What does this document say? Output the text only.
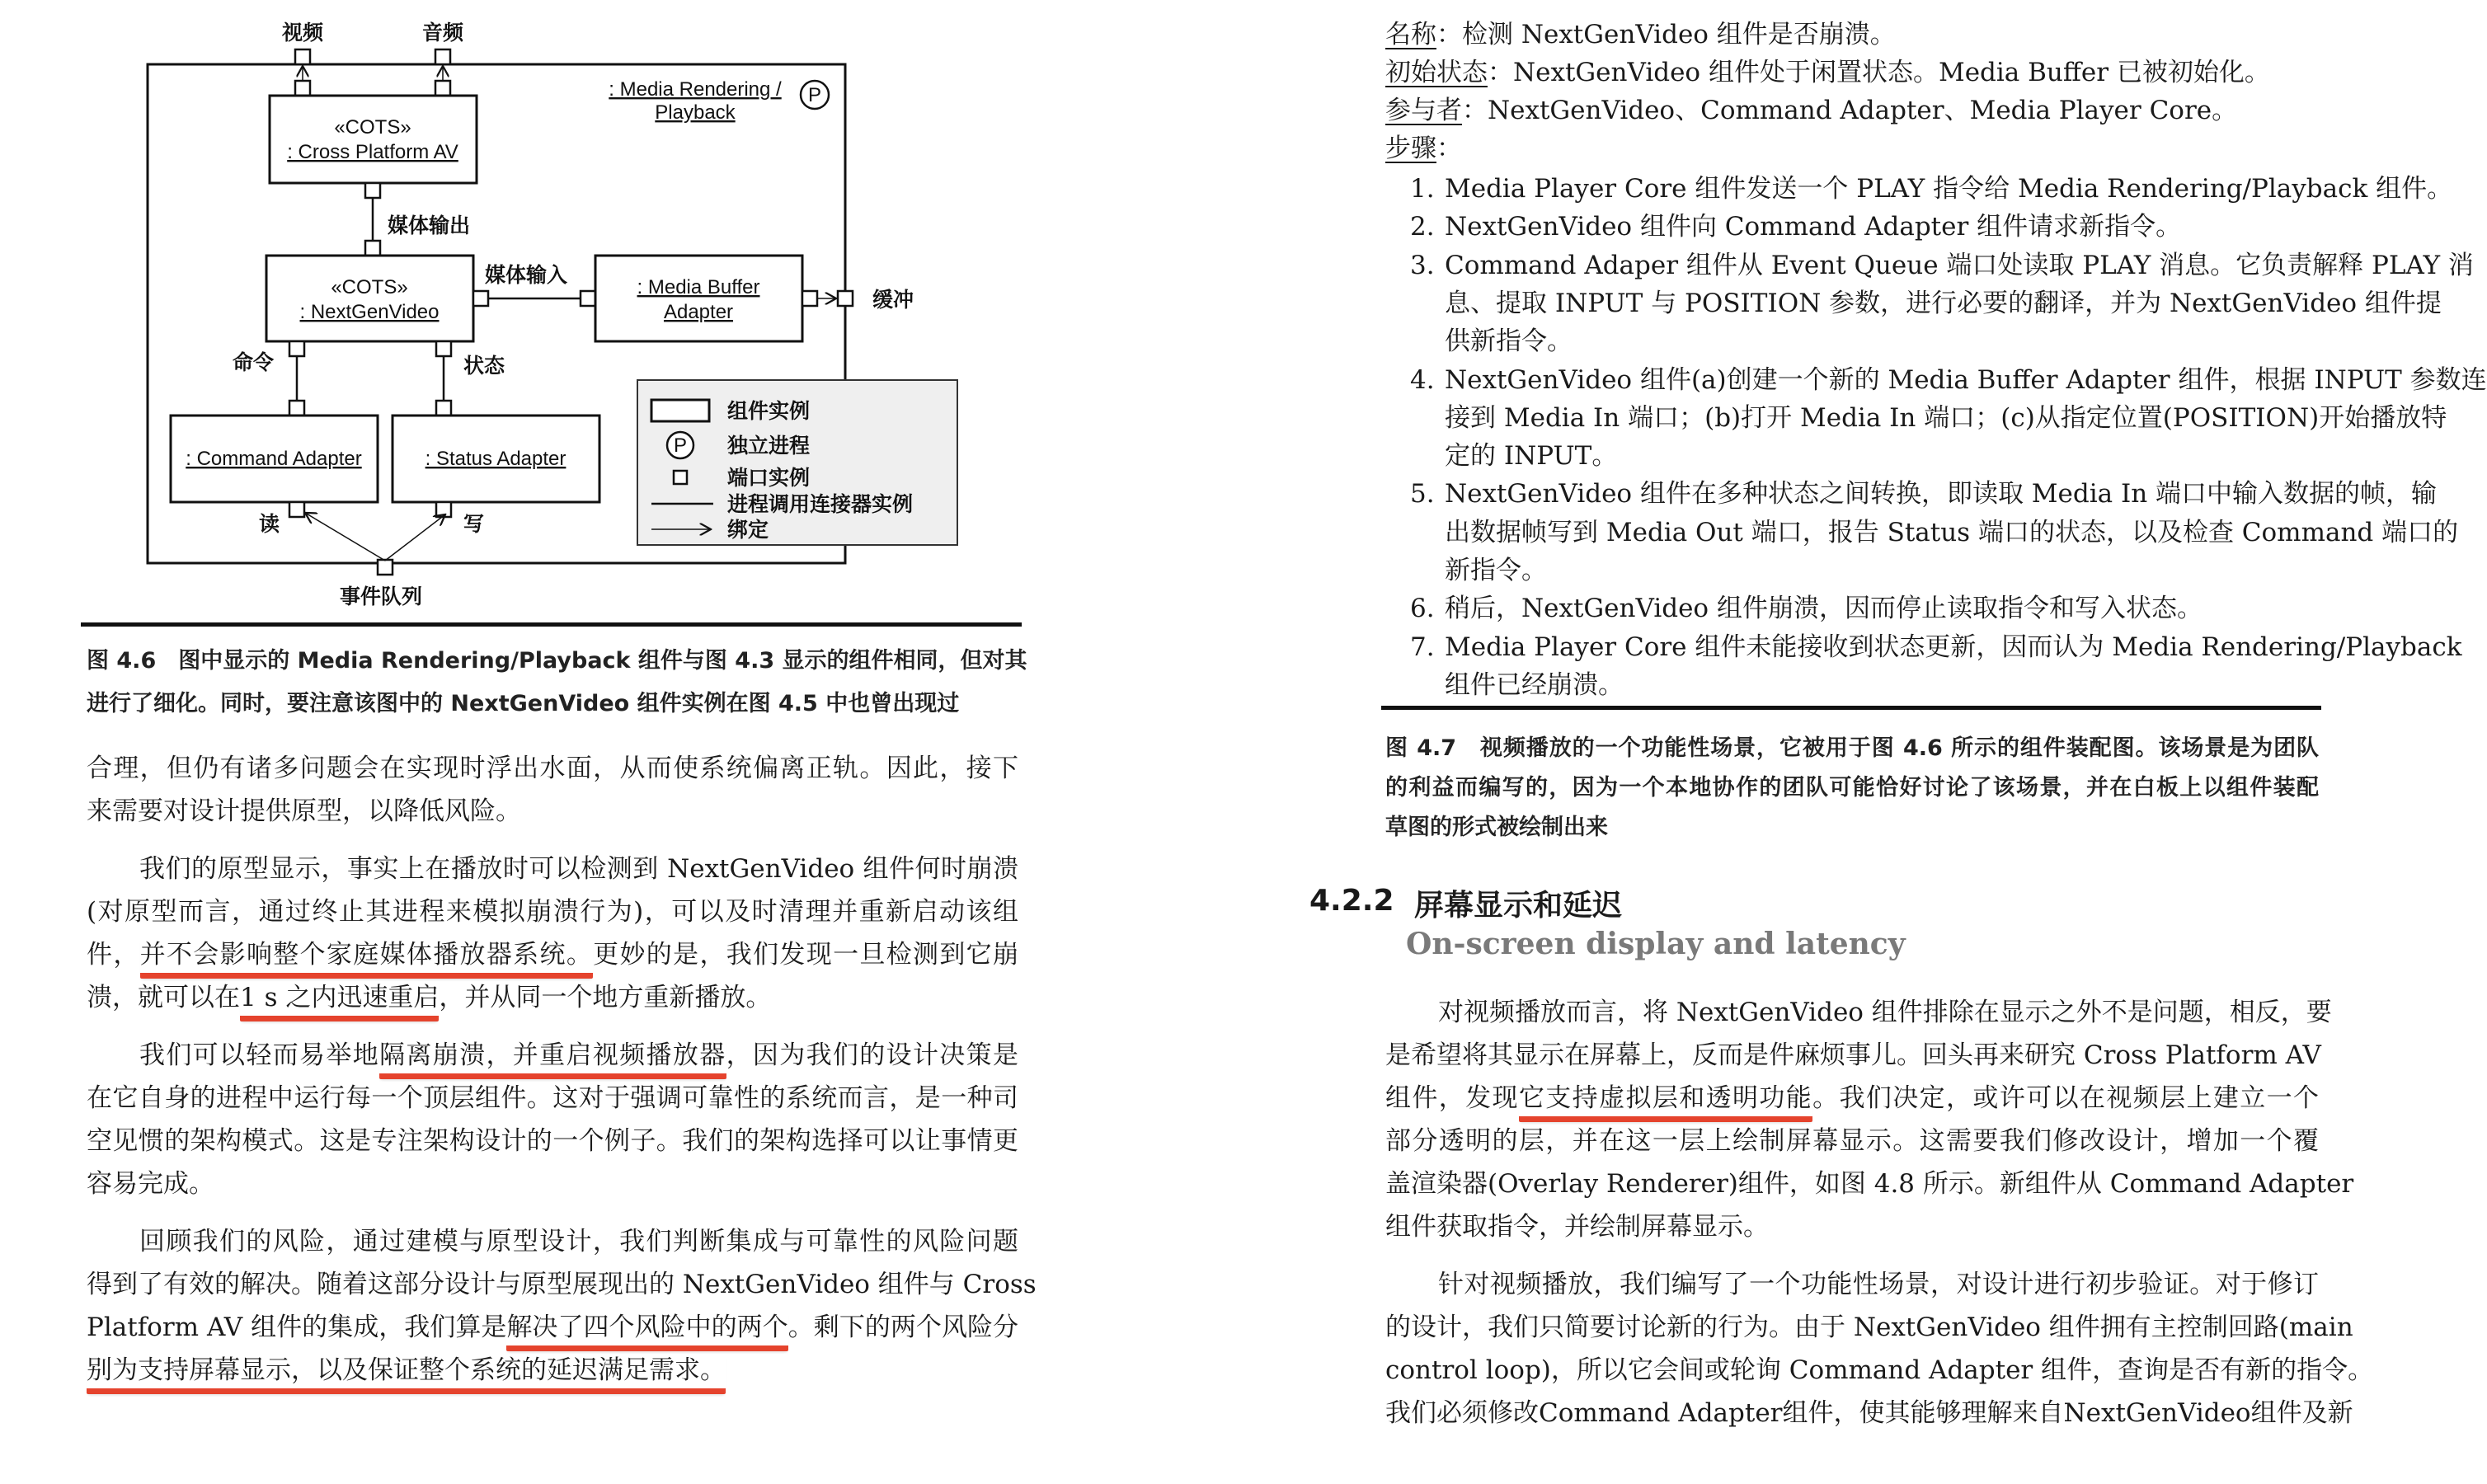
: Media Rendering /
Playback
P
视频	音频
«COTS»
: Cross Platform AV
媒体输出
«COTS»
: NextGenVideo
媒体输入
: Media Buffer
Adapter
缓冲
命令	状态
: Command Adapter	: Status Adapter
读	写
事件队列
组件实例
P 独立进程
端口实例
进程调用连接器实例
绑定
图 4.6　图中显示的 Media Rendering/Playback 组件与图 4.3 显示的组件相同，但对其
进行了细化。同时，要注意该图中的 NextGenVideo 组件实例在图 4.5 中也曾出现过
合理，但仍有诸多问题会在实现时浮出水面，从而使系统偏离正轨。因此，接下
来需要对设计提供原型，以降低风险。
我们的原型显示，事实上在播放时可以检测到 NextGenVideo 组件何时崩溃
(对原型而言，通过终止其进程来模拟崩溃行为)，可以及时清理并重新启动该组
件，并不会影响整个家庭媒体播放器系统。更妙的是，我们发现一旦检测到它崩
溃，就可以在1 s 之内迅速重启，并从同一个地方重新播放。
我们可以轻而易举地隔离崩溃，并重启视频播放器，因为我们的设计决策是
在它自身的进程中运行每一个顶层组件。这对于强调可靠性的系统而言，是一种司
空见惯的架构模式。这是专注架构设计的一个例子。我们的架构选择可以让事情更
容易完成。
回顾我们的风险，通过建模与原型设计，我们判断集成与可靠性的风险问题
得到了有效的解决。随着这部分设计与原型展现出的 NextGenVideo 组件与 Cross
Platform AV 组件的集成，我们算是解决了四个风险中的两个。剩下的两个风险分
别为支持屏幕显示，以及保证整个系统的延迟满足需求。
名称：检测 NextGenVideo 组件是否崩溃。
初始状态：NextGenVideo 组件处于闲置状态。Media Buffer 已被初始化。
参与者：NextGenVideo、Command Adapter、Media Player Core。
步骤：
1. Media Player Core 组件发送一个 PLAY 指令给 Media Rendering/Playback 组件。
2. NextGenVideo 组件向 Command Adapter 组件请求新指令。
3. Command Adaper 组件从 Event Queue 端口处读取 PLAY 消息。它负责解释 PLAY 消
息、提取 INPUT 与 POSITION 参数，进行必要的翻译，并为 NextGenVideo 组件提
供新指令。
4. NextGenVideo 组件(a)创建一个新的 Media Buffer Adapter 组件，根据 INPUT 参数连
接到 Media In 端口；(b)打开 Media In 端口；(c)从指定位置(POSITION)开始播放特
定的 INPUT。
5. NextGenVideo 组件在多种状态之间转换，即读取 Media In 端口中输入数据的帧，输
出数据帧写到 Media Out 端口，报告 Status 端口的状态，以及检查 Command 端口的
新指令。
6. 稍后，NextGenVideo 组件崩溃，因而停止读取指令和写入状态。
7. Media Player Core 组件未能接收到状态更新，因而认为 Media Rendering/Playback
组件已经崩溃。
图 4.7　视频播放的一个功能性场景，它被用于图 4.6 所示的组件装配图。该场景是为团队
的利益而编写的，因为一个本地协作的团队可能恰好讨论了该场景，并在白板上以组件装配
草图的形式被绘制出来
4.2.2 屏幕显示和延迟
On-screen display and latency
对视频播放而言，将 NextGenVideo 组件排除在显示之外不是问题，相反，要
是希望将其显示在屏幕上，反而是件麻烦事儿。回头再来研究 Cross Platform AV
组件，发现它支持虚拟层和透明功能。我们决定，或许可以在视频层上建立一个
部分透明的层，并在这一层上绘制屏幕显示。这需要我们修改设计，增加一个覆
盖渲染器(Overlay Renderer)组件，如图 4.8 所示。新组件从 Command Adapter
组件获取指令，并绘制屏幕显示。
针对视频播放，我们编写了一个功能性场景，对设计进行初步验证。对于修订
的设计，我们只简要讨论新的行为。由于 NextGenVideo 组件拥有主控制回路(main
control loop)，所以它会间或轮询 Command Adapter 组件，查询是否有新的指令。
我们必须修改Command Adapter组件，使其能够理解来自NextGenVideo组件及新
